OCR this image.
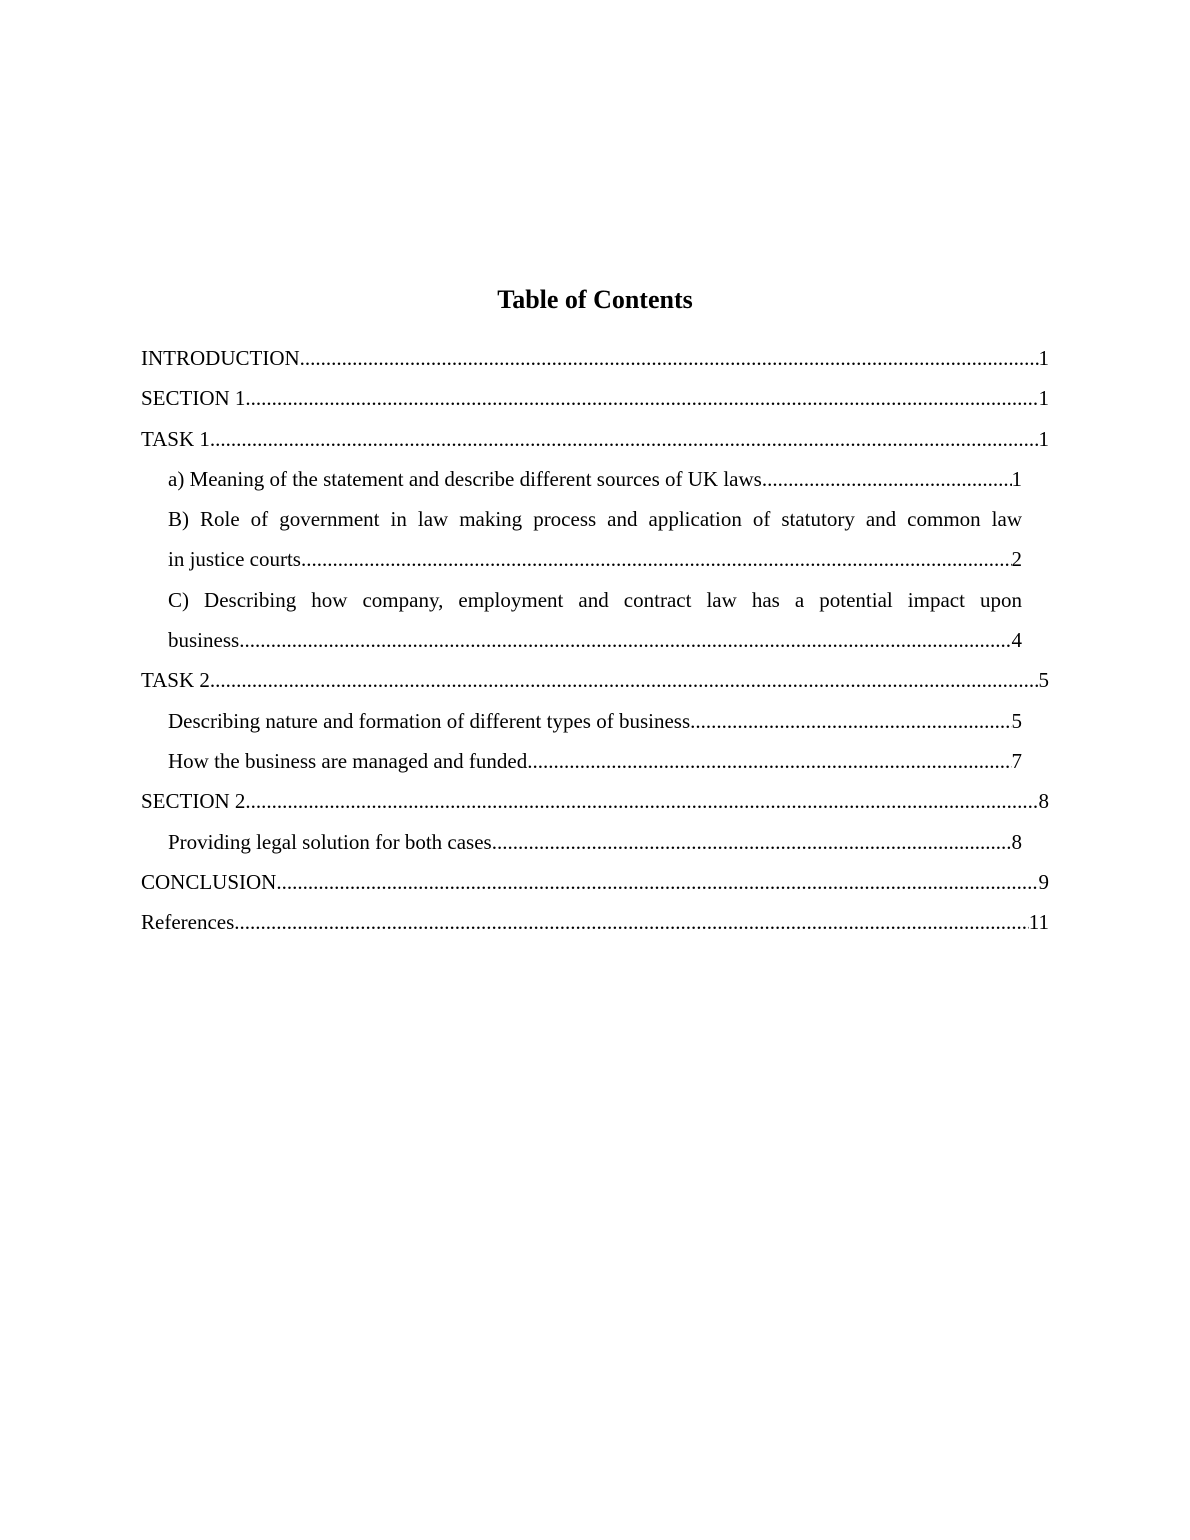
Table of Contents
INTRODUCTION .....	1
SECTION 1 .....	1
TASK 1 .....	1
a) Meaning of the statement and describe different sources of UK laws .....	1
B) Role of government in law making process and application of statutory and common law
in justice courts .....	2
C) Describing how company, employment and contract law has a potential impact upon
business .....	4
TASK 2 .....	5
Describing nature and formation of different types of business .....	5
How the business are managed and funded .....	7
SECTION 2 .....	8
Providing legal solution for both cases .....	8
CONCLUSION .....	9
References .....	11
